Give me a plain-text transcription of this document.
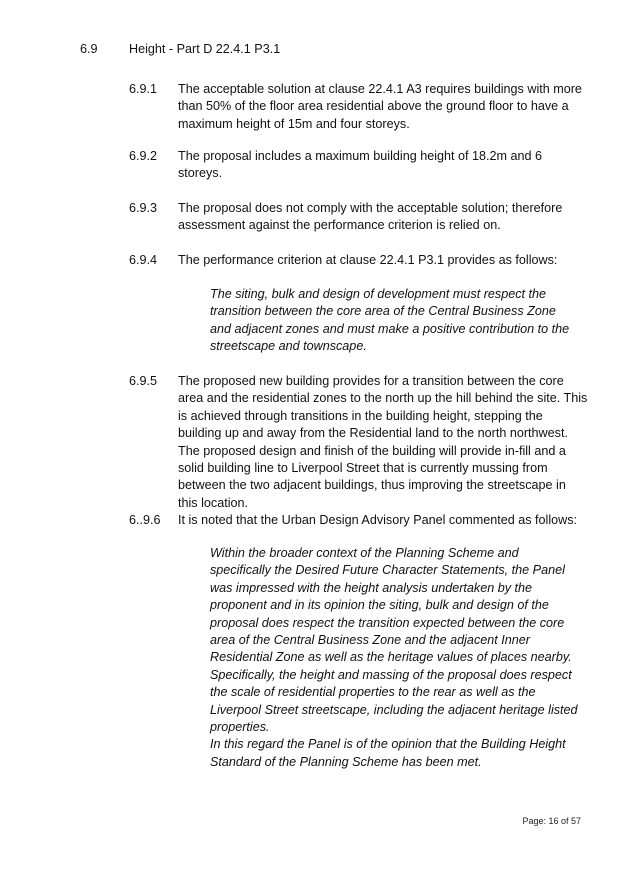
6.9 Height - Part D 22.4.1 P3.1
6.9.1	The acceptable solution at clause 22.4.1 A3 requires buildings with more than 50% of the floor area residential above the ground floor to have a maximum height of 15m and four storeys.
6.9.2	The proposal includes a maximum building height of 18.2m and 6 storeys.
6.9.3	The proposal does not comply with the acceptable solution; therefore assessment against the performance criterion is relied on.
6.9.4	The performance criterion at clause 22.4.1 P3.1 provides as follows:
The siting, bulk and design of development must respect the transition between the core area of the Central Business Zone and adjacent zones and must make a positive contribution to the streetscape and townscape.
6.9.5	The proposed new building provides for a transition between the core area and the residential zones to the north up the hill behind the site. This is achieved through transitions in the building height, stepping the building up and away from the Residential land to the north northwest. The proposed design and finish of the building will provide in-fill and a solid building line to Liverpool Street that is currently mussing from between the two adjacent buildings, thus improving the streetscape in this location.
6..9.6	It is noted that the Urban Design Advisory Panel commented as follows:

Within the broader context of the Planning Scheme and specifically the Desired Future Character Statements, the Panel was impressed with the height analysis undertaken by the proponent and in its opinion the siting, bulk and design of the proposal does respect the transition expected between the core area of the Central Business Zone and the adjacent Inner Residential Zone as well as the heritage values of places nearby.

Specifically, the height and massing of the proposal does respect the scale of residential properties to the rear as well as the Liverpool Street streetscape, including the adjacent heritage listed properties.

In this regard the Panel is of the opinion that the Building Height Standard of the Planning Scheme has been met.

Page: 16 of 57
